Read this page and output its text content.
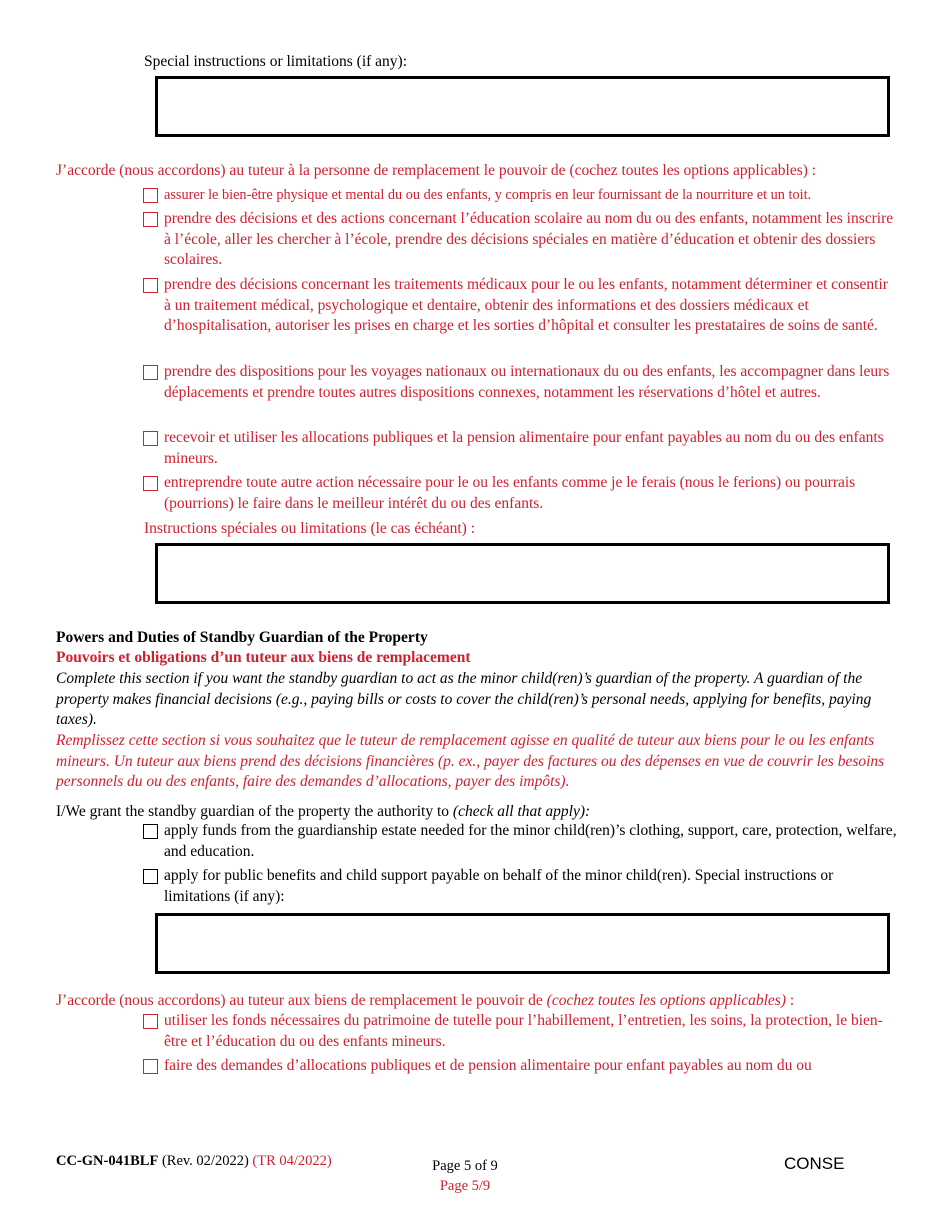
Special instructions or limitations (if any):
J’accorde (nous accordons) au tuteur à la personne de remplacement le pouvoir de (cochez toutes les options applicables) :
assurer le bien-être physique et mental du ou des enfants, y compris en leur fournissant de la nourriture et un toit.
prendre des décisions et des actions concernant l’éducation scolaire au nom du ou des enfants, notamment les inscrire à l’école, aller les chercher à l’école, prendre des décisions spéciales en matière d’éducation et obtenir des dossiers scolaires.
prendre des décisions concernant les traitements médicaux pour le ou les enfants, notamment déterminer et consentir à un traitement médical, psychologique et dentaire, obtenir des informations et des dossiers médicaux et d’hospitalisation, autoriser les prises en charge et les sorties d’hôpital et consulter les prestataires de soins de santé.
prendre des dispositions pour les voyages nationaux ou internationaux du ou des enfants, les accompagner dans leurs déplacements et prendre toutes autres dispositions connexes, notamment les réservations d’hôtel et autres.
recevoir et utiliser les allocations publiques et la pension alimentaire pour enfant payables au nom du ou des enfants mineurs.
entreprendre toute autre action nécessaire pour le ou les enfants comme je le ferais (nous le ferions) ou pourrais (pourrions) le faire dans le meilleur intérêt du ou des enfants.
Instructions spéciales ou limitations (le cas échéant) :
Powers and Duties of Standby Guardian of the Property
Pouvoirs et obligations d’un tuteur aux biens de remplacement
Complete this section if you want the standby guardian to act as the minor child(ren)’s guardian of the property. A guardian of the property makes financial decisions (e.g., paying bills or costs to cover the child(ren)’s personal needs, applying for benefits, paying taxes).
Remplissez cette section si vous souhaitez que le tuteur de remplacement agisse en qualité de tuteur aux biens pour le ou les enfants mineurs. Un tuteur aux biens prend des décisions financières (p. ex., payer des factures ou des dépenses en vue de couvrir les besoins personnels du ou des enfants, faire des demandes d’allocations, payer des impôts).
I/We grant the standby guardian of the property the authority to (check all that apply):
apply funds from the guardianship estate needed for the minor child(ren)’s clothing, support, care, protection, welfare, and education.
apply for public benefits and child support payable on behalf of the minor child(ren). Special instructions or limitations (if any):
J’accorde (nous accordons) au tuteur aux biens de remplacement le pouvoir de (cochez toutes les options applicables) :
utiliser les fonds nécessaires du patrimoine de tutelle pour l’habillement, l’entretien, les soins, la protection, le bien-être et l’éducation du ou des enfants mineurs.
faire des demandes d’allocations publiques et de pension alimentaire pour enfant payables au nom du ou
CC-GN-041BLF (Rev. 02/2022) (TR 04/2022)	Page 5 of 9
Page 5/9
CONSE
